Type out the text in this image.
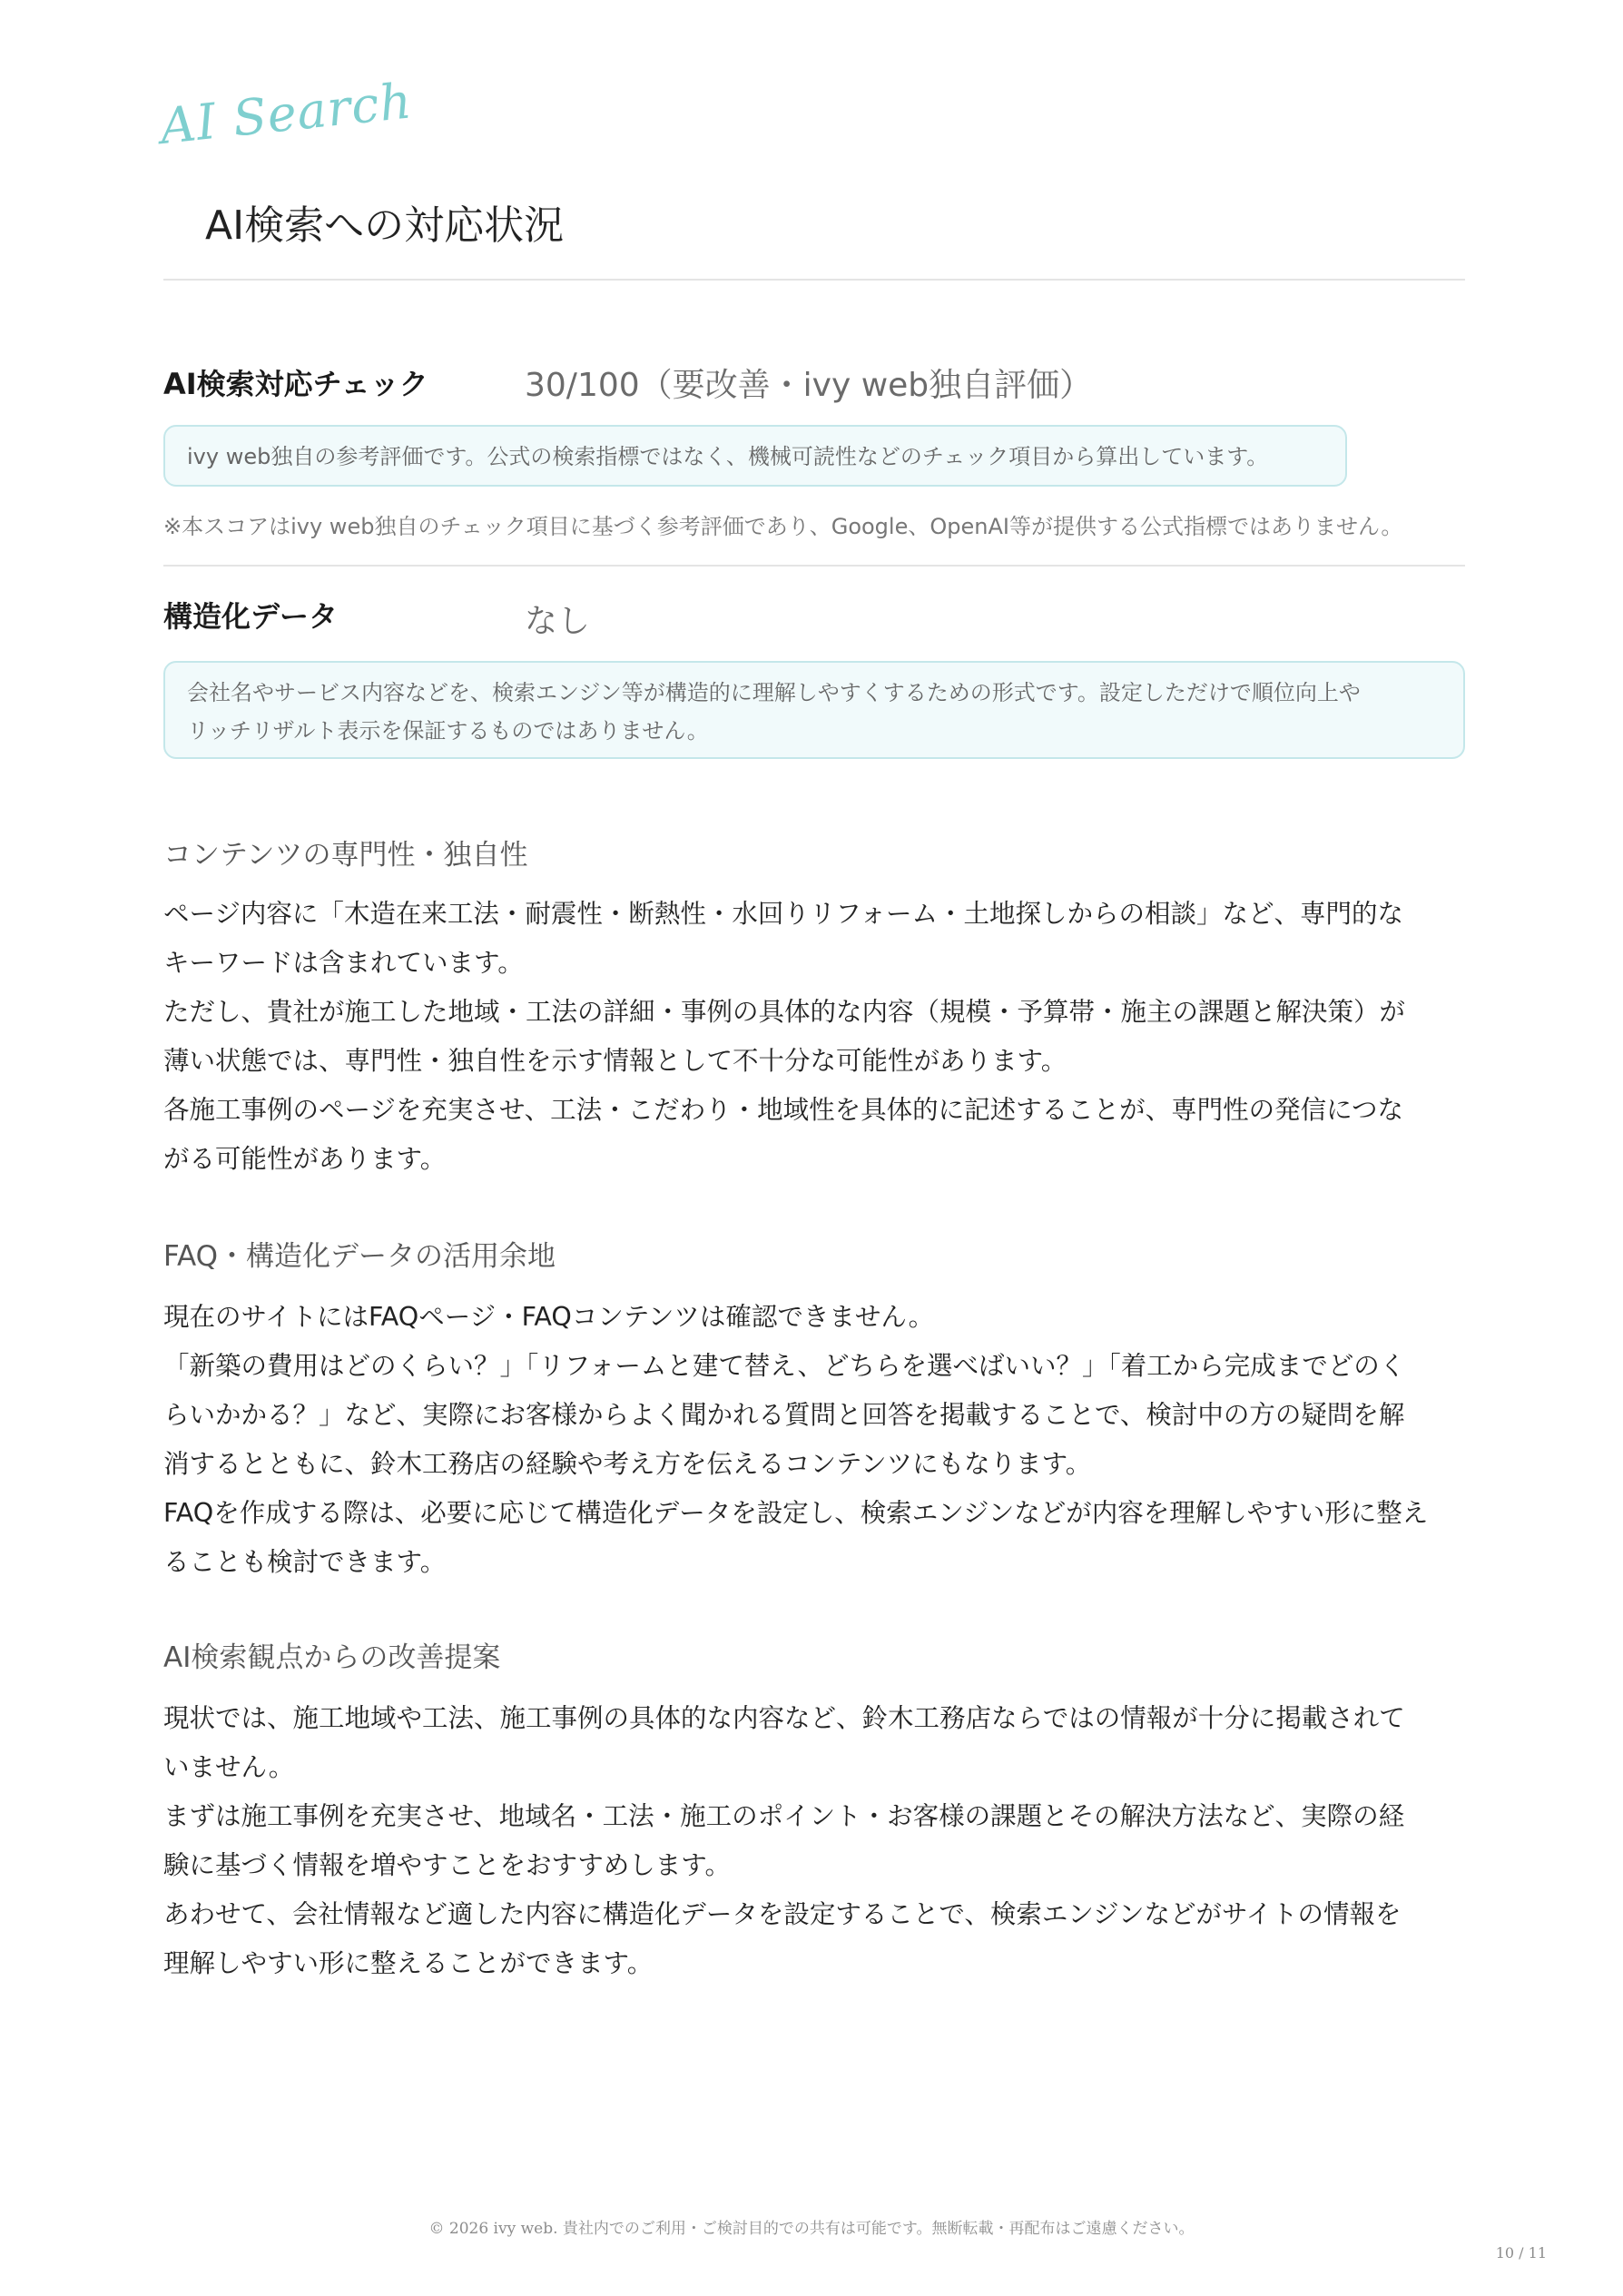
AI Search
AI検索への対応状況
AI検索対応チェック	30/100（要改善・ivy web独自評価）
ivy web独自の参考評価です。公式の検索指標ではなく、機械可読性などのチェック項目から算出しています。
※本スコアはivy web独自のチェック項目に基づく参考評価であり、Google、OpenAI等が提供する公式指標ではありません。
構造化データ	なし
会社名やサービス内容などを、検索エンジン等が構造的に理解しやすくするための形式です。設定しただけで順位向上や
リッチリザルト表示を保証するものではありません。
コンテンツの専門性・独自性

ページ内容に「木造在来工法・耐震性・断熱性・水回りリフォーム・土地探しからの相談」など、専門的な

キーワードは含まれています。

ただし、貴社が施工した地域・工法の詳細・事例の具体的な内容（規模・予算帯・施主の課題と解決策）が

薄い状態では、専門性・独自性を示す情報として不十分な可能性があります。

各施工事例のページを充実させ、工法・こだわり・地域性を具体的に記述することが、専門性の発信につな

がる可能性があります。

FAQ・構造化データの活用余地

現在のサイトにはFAQページ・FAQコンテンツは確認できません。

「新築の費用はどのくらい？」「リフォームと建て替え、どちらを選べばいい？」「着工から完成までどのく

らいかかる？」など、実際にお客様からよく聞かれる質問と回答を掲載することで、検討中の方の疑問を解

消するとともに、鈴木工務店の経験や考え方を伝えるコンテンツにもなります。

FAQを作成する際は、必要に応じて構造化データを設定し、検索エンジンなどが内容を理解しやすい形に整え

ることも検討できます。

AI検索観点からの改善提案

現状では、施工地域や工法、施工事例の具体的な内容など、鈴木工務店ならではの情報が十分に掲載されて

いません。

まずは施工事例を充実させ、地域名・工法・施工のポイント・お客様の課題とその解決方法など、実際の経

験に基づく情報を増やすことをおすすめします。

あわせて、会社情報など適した内容に構造化データを設定することで、検索エンジンなどがサイトの情報を

理解しやすい形に整えることができます。

© 2026 ivy web. 貴社内でのご利用・ご検討目的での共有は可能です。無断転載・再配布はご遠慮ください。
10 / 11
